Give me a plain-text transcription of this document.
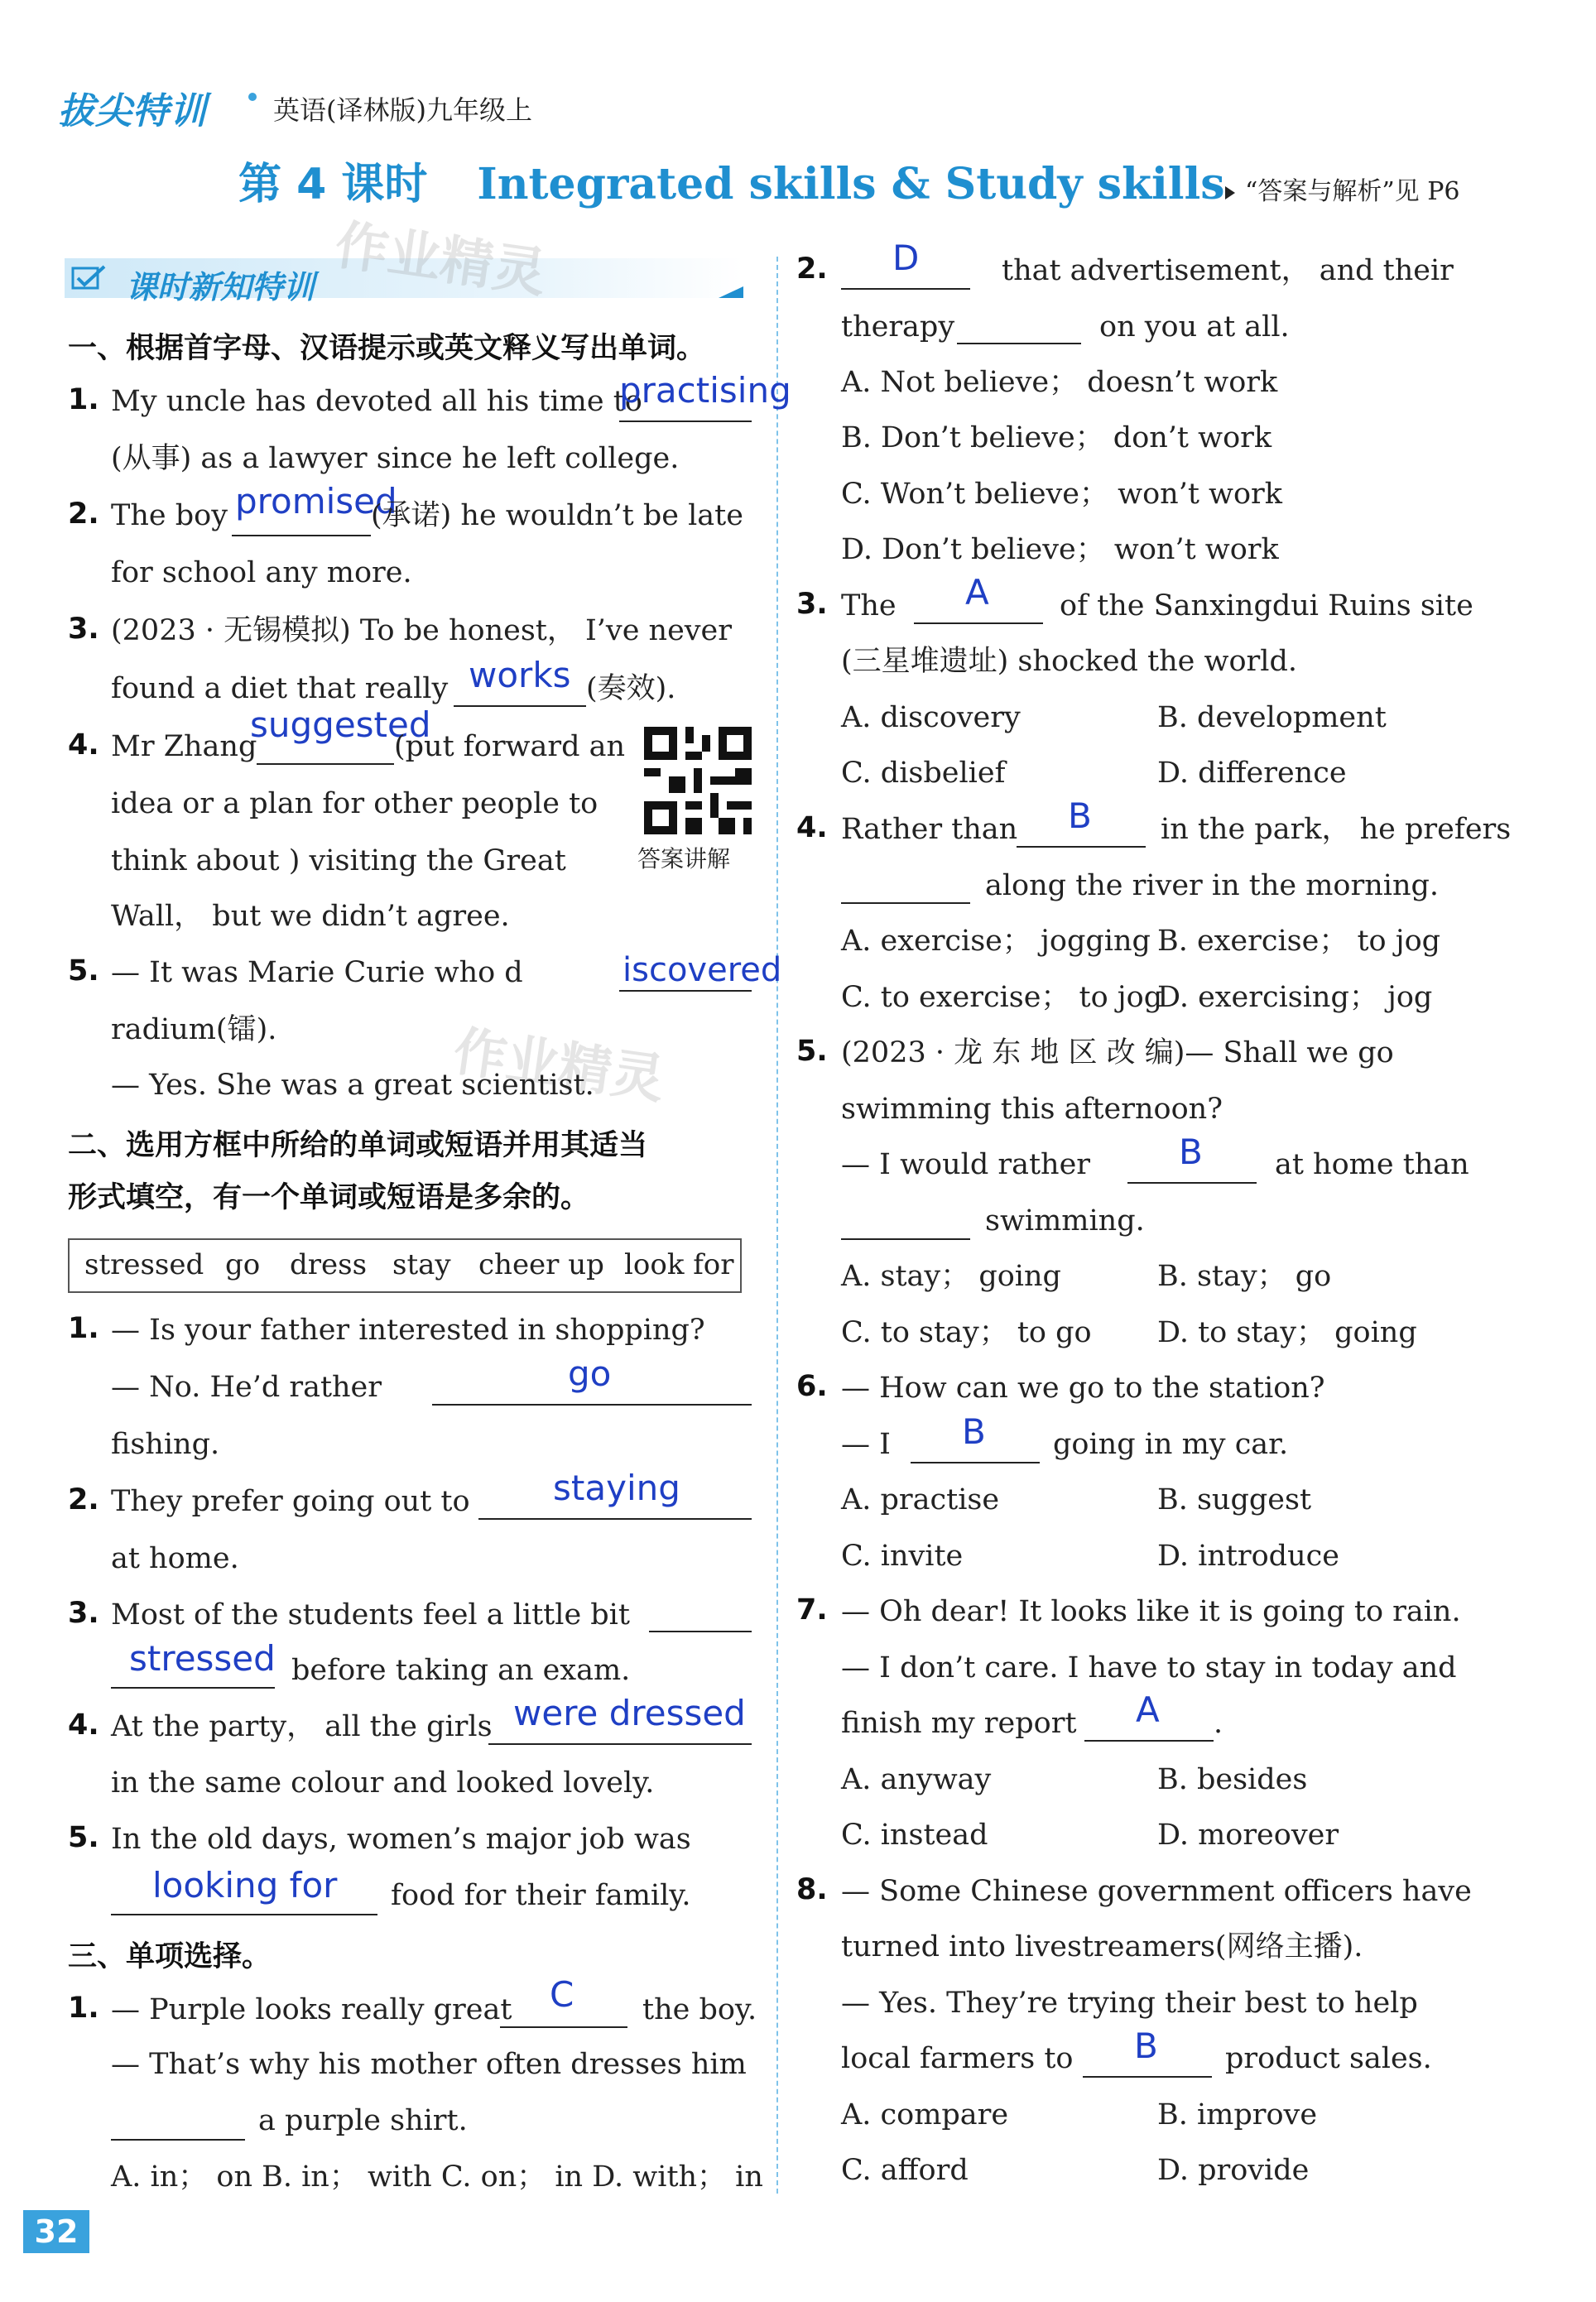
拔尖特训	英语(译林版)九年级上
第 4 课时 Integrated skills & Study skills “答案与解析”见 P6
课时新知特训 作业精灵
作业精灵
一、根据首字母、汉语提示或英文释义写出单词。
1. My uncle has devoted all his time to
practising
(从事) as a lawyer since he left college.
2. The boy promised
(承诺) he wouldn’t be late
for school any more.
3. (2023 · 无锡模拟) To be honest， I’ve never
found a diet that really works (奏效).
4. Mr Zhang
suggested
(put forward an
idea or a plan for other people to
think about ) visiting the Great
Wall， but we didn’t agree.
答案讲解
5. — It was Marie Curie who d	iscovered
radium(镭).
— Yes. She was a great scientist.
二、选用方框中所给的单词或短语并用其适当
形式填空，有一个单词或短语是多余的。
stressed go dress stay cheer up look for
1. — Is your father interested in shopping?
— No. He’d rather	go
fishing.
2. They prefer going out to staying
at home.
3. Most of the students feel a little bit
stressed before taking an exam.
4. At the party， all the girls were dressed
in the same colour and looked lovely.
5. In the old days, women’s major job was
looking for food for their family.
三、单项选择。
1. — Purple looks really great C the boy.
— That’s why his mother often dresses him
a purple shirt.
A. in； on B. in； with C. on； in D. with； in
2. D	that advertisement， and their
therapy	on you at all.
A. Not believe； doesn’t work
B. Don’t believe； don’t work
C. Won’t believe； won’t work
D. Don’t believe； won’t work
3. The A of the Sanxingdui Ruins site
(三星堆遗址) shocked the world.
A. discovery	B. development
C. disbelief	D. difference
4. Rather than B in the park， he prefers
along the river in the morning.
A. exercise； jogging B. exercise； to jog
C. to exercise； to jog
D. exercising； jog
5. (2023 · 龙 东 地 区 改 编)— Shall we go
swimming this afternoon?
— I would rather	B at home than
swimming.
A. stay； going	B. stay； go
C. to stay； to go D. to stay； going
6. — How can we go to the station?
— I B going in my car.
A. practise	B. suggest
C. invite	D. introduce
7. — Oh dear! It looks like it is going to rain.
— I don’t care. I have to stay in today and
finish my report A .
A. anyway	B. besides
C. instead	D. moreover
8. — Some Chinese government officers have
turned into livestreamers(网络主播).
— Yes. They’re trying their best to help
local farmers to B product sales.
A. compare	B. improve
C. afford	D. provide
32
